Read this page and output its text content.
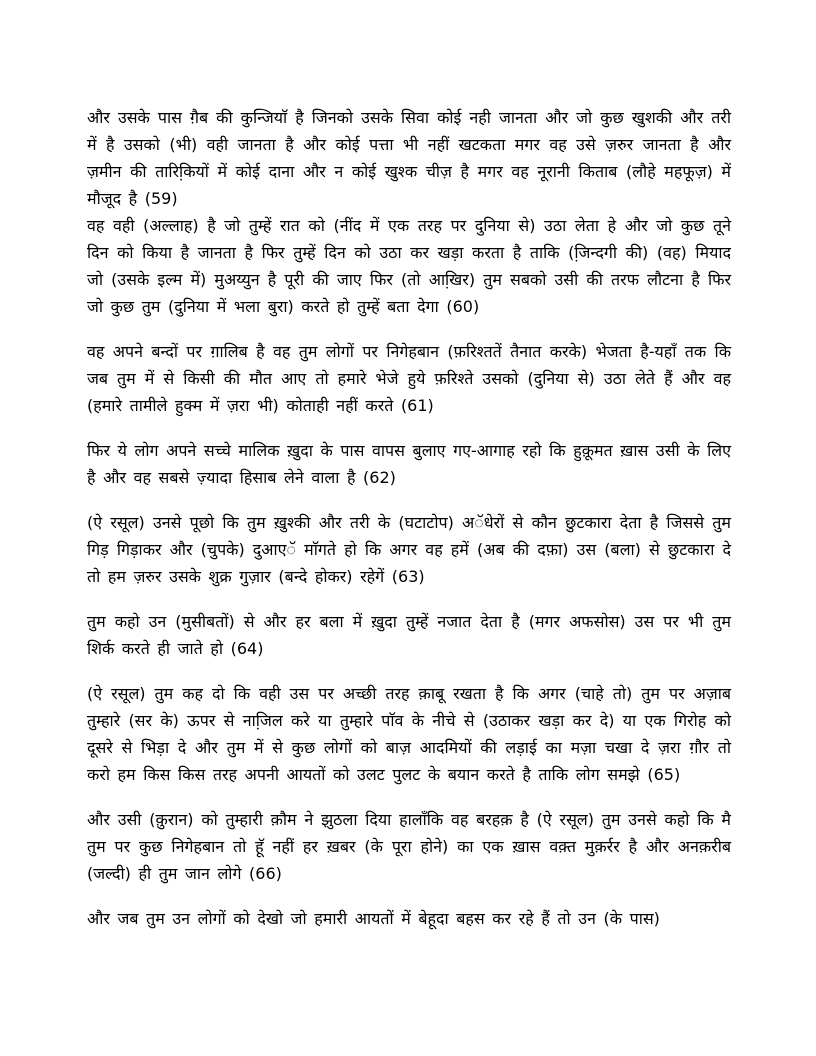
और उसके पास ग़ैब की कुन्जियाॅ है जिनको उसके सिवा कोई नही जानता और जो कुछ खुशकी और तरी में है उसको (भी) वही जानता है और कोई पत्ता भी नहीं खटकता मगर वह उसे ज़रुर जानता है और ज़मीन की तारिकि़यों में कोई दाना और न कोई खुश्क चीज़ है मगर वह नूरानी किताब (लौहे महफूज़) में मौजूद है (59)

वह वही (अल्लाह) है जो तुम्हें रात को (नींद में एक तरह पर दुनिया से) उठा लेता हे और जो कुछ तूने दिन को किया है जानता है फिर तुम्हें दिन को उठा कर खड़ा करता है ताकि (जि़न्दगी की) (वह) मियाद जो (उसके इल्म में) मुअय्युन है पूरी की जाए फिर (तो आखि़र) तुम सबको उसी की तरफ लौटना है फिर जो कुछ तुम (दुनिया में भला बुरा) करते हो तुम्हें बता देगा (60)

वह अपने बन्दों पर ग़ालिब है वह तुम लोगों पर निगेहबान (फ़रिश्ततें तैनात करके) भेजता है-यहाँ तक कि जब तुम में से किसी की मौत आए तो हमारे भेजे हुये फ़रिश्ते उसको (दुनिया से) उठा लेते हैं और वह (हमारे तामीले हुक्म में ज़रा भी) कोताही नहीं करते (61)

फिर ये लोग अपने सच्चे मालिक ख़ुदा के पास वापस बुलाए गए-आगाह रहो कि हुक़ूमत ख़ास उसी के लिए है और वह सबसे ज़्यादा हिसाब लेने वाला है (62)

(ऐ रसूल) उनसे पूछो कि तुम ख़ुश्की और तरी के (घटाटोप) अॅधेरों से कौन छुटकारा देता है जिससे तुम गिड़ गिड़ाकर और (चुपके) दुआएॅ माॅगते हो कि अगर वह हमें (अब की दफ़ा) उस (बला) से छुटकारा दे तो हम ज़रुर उसके शुक्र गुज़ार (बन्दे होकर) रहेगें (63)

तुम कहो उन (मुसीबतों) से और हर बला में ख़ुदा तुम्हें नजात देता है (मगर अफसोस) उस पर भी तुम शिर्क करते ही जाते हो (64)

(ऐ रसूल) तुम कह दो कि वही उस पर अच्छी तरह क़ाबू रखता है कि अगर (चाहे तो) तुम पर अज़ाब तुम्हारे (सर के) ऊपर से नाजि़ल करे या तुम्हारे पाॅव के नीचे से (उठाकर खड़ा कर दे) या एक गिरोह को दूसरे से भिड़ा दे और तुम में से कुछ लोगों को बाज़ आदमियों की लड़ाई का मज़ा चखा दे ज़रा ग़ौर तो करो हम किस किस तरह अपनी आयतों को उलट पुलट के बयान करते है ताकि लोग समझे (65)

और उसी (कु़रान) को तुम्हारी क़ौम ने झुठला दिया हालाँकि वह बरहक़ है (ऐ रसूल) तुम उनसे कहो कि मै तुम पर कुछ निगेहबान तो हूॅ नहीं हर ख़बर (के पूरा होने) का एक ख़ास वक़्त मुक़र्रर है और अनक़रीब (जल्दी) ही तुम जान लोगे (66)

और जब तुम उन लोगों को देखो जो हमारी आयतों में बेहूदा बहस कर रहे हैं तो उन (के पास)
